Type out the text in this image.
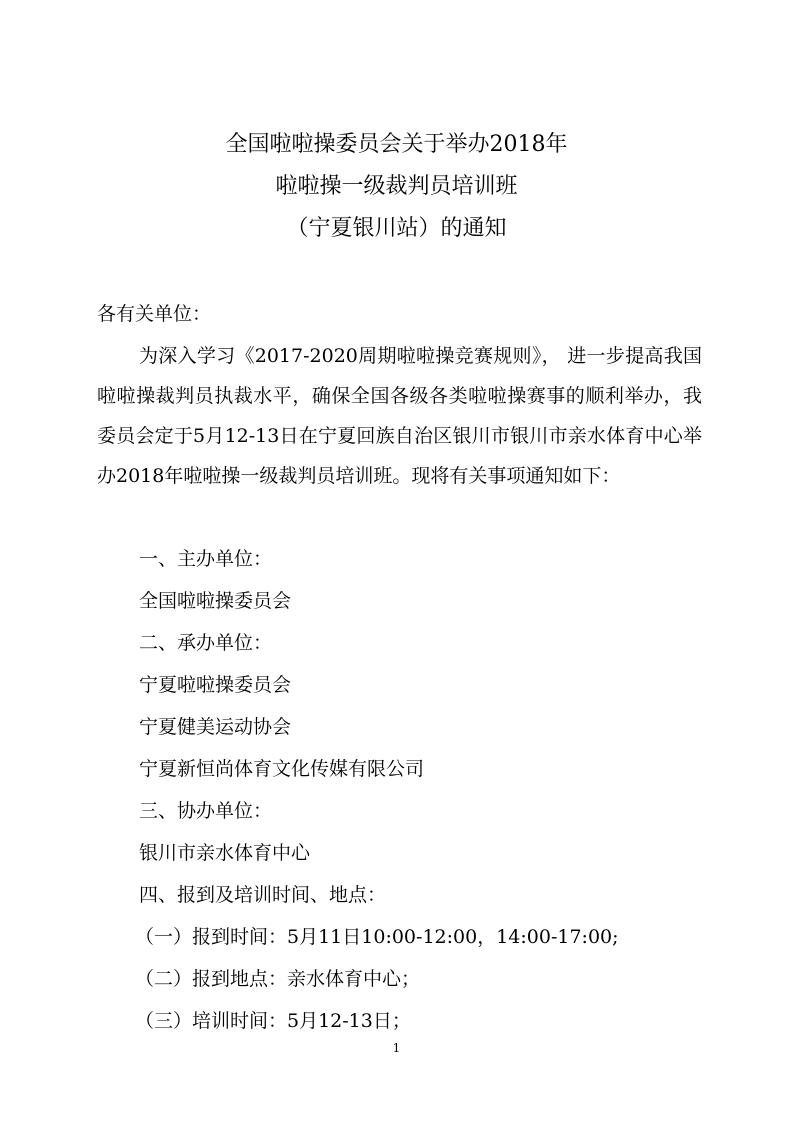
全国啦啦操委员会关于举办2018年
啦啦操一级裁判员培训班
（宁夏银川站）的通知
各有关单位：
为深入学习《2017-2020周期啦啦操竞赛规则》， 进一步提高我国啦啦操裁判员执裁水平，确保全国各级各类啦啦操赛事的顺利举办，我委员会定于5月12-13日在宁夏回族自治区银川市银川市亲水体育中心举办2018年啦啦操一级裁判员培训班。现将有关事项通知如下：
一、主办单位：
全国啦啦操委员会
二、承办单位：
宁夏啦啦操委员会
宁夏健美运动协会
宁夏新恒尚体育文化传媒有限公司
三、协办单位：
银川市亲水体育中心
四、报到及培训时间、地点：
（一）报到时间：5月11日10:00-12:00，14:00-17:00;
（二）报到地点：亲水体育中心；
（三）培训时间：5月12-13日；
1
